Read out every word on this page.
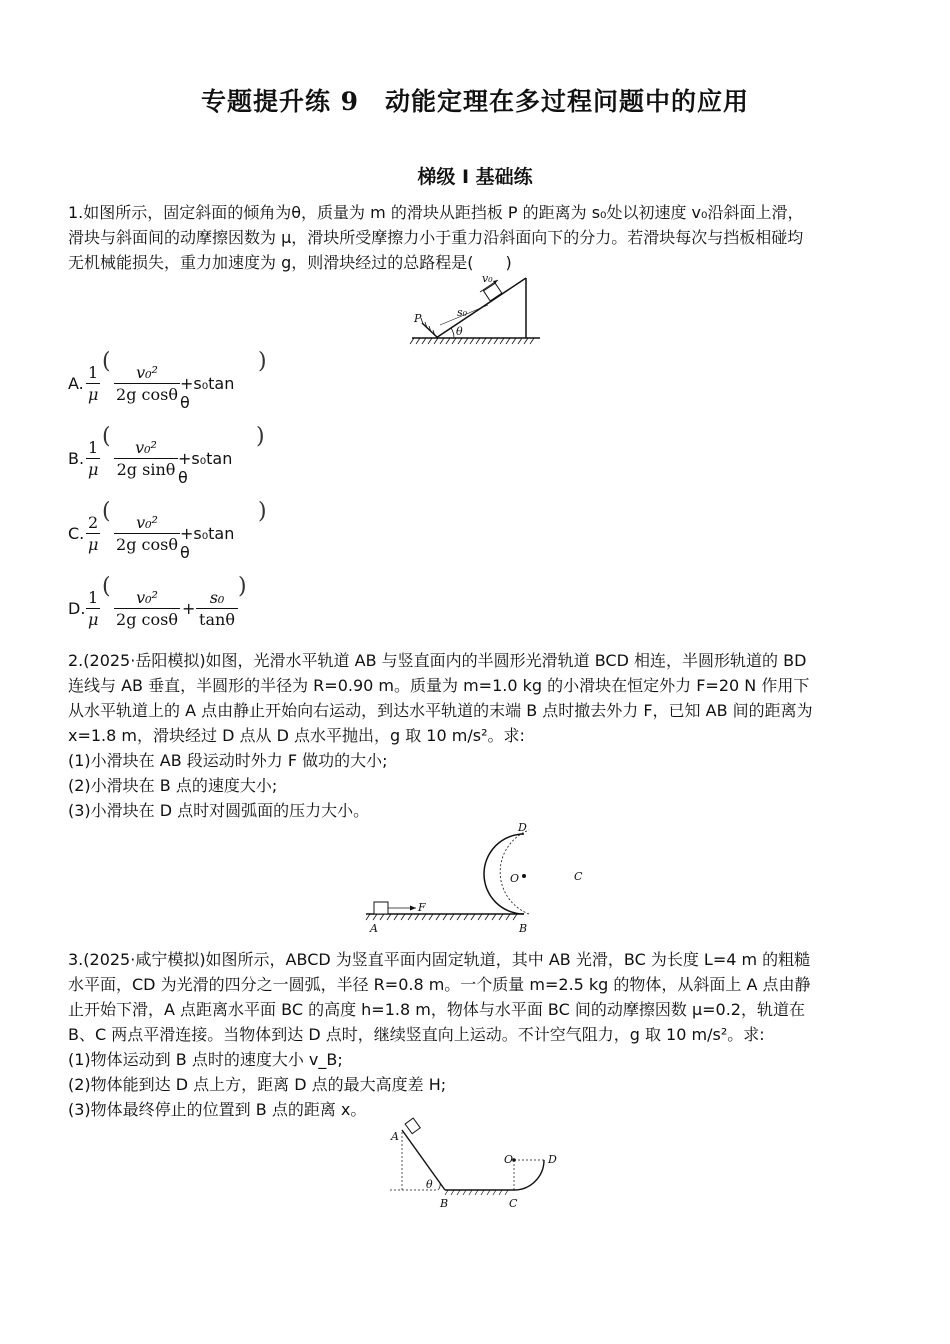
专题提升练 9　动能定理在多过程问题中的应用
梯级 Ⅰ 基础练
1.如图所示，固定斜面的倾角为θ，质量为 m 的滑块从距挡板 P 的距离为 s₀处以初速度 v₀沿斜面上滑，
滑块与斜面间的动摩擦因数为 μ，滑块所受摩擦力小于重力沿斜面向下的分力。若滑块每次与挡板相碰均
无机械能损失，重力加速度为 g，则滑块经过的总路程是(　　)
P	s₀
v₀
θ
A.
1
μ
(	v₀²
2g cosθ
+s₀tan θ
)
B.
1
μ
(	v₀²
2g sinθ
+s₀tan θ
)
C.
2
μ
(	v₀²
2g cosθ
+s₀tan θ
)
D.
1
μ
(	v₀²
2g cosθ
+
s₀
tanθ
)
2.(2025·岳阳模拟)如图，光滑水平轨道 AB 与竖直面内的半圆形光滑轨道 BCD 相连，半圆形轨道的 BD
连线与 AB 垂直，半圆形的半径为 R=0.90 m。质量为 m=1.0 kg 的小滑块在恒定外力 F=20 N 作用下
从水平轨道上的 A 点由静止开始向右运动，到达水平轨道的末端 B 点时撤去外力 F，已知 AB 间的距离为
x=1.8 m，滑块经过 D 点从 D 点水平抛出，g 取 10 m/s²。求:
(1)小滑块在 AB 段运动时外力 F 做功的大小;
(2)小滑块在 B 点的速度大小;
(3)小滑块在 D 点时对圆弧面的压力大小。
F
A	B
C
D
O
3.(2025·咸宁模拟)如图所示，ABCD 为竖直平面内固定轨道，其中 AB 光滑，BC 为长度 L=4 m 的粗糙
水平面，CD 为光滑的四分之一圆弧，半径 R=0.8 m。一个质量 m=2.5 kg 的物体，从斜面上 A 点由静
止开始下滑，A 点距离水平面 BC 的高度 h=1.8 m，物体与水平面 BC 间的动摩擦因数 μ=0.2，轨道在
B、C 两点平滑连接。当物体到达 D 点时，继续竖直向上运动。不计空气阻力，g 取 10 m/s²。求:
(1)物体运动到 B 点时的速度大小 v_B;
(2)物体能到达 D 点上方，距离 D 点的最大高度差 H;
(3)物体最终停止的位置到 B 点的距离 x。
θ
A
B	C
D
O
